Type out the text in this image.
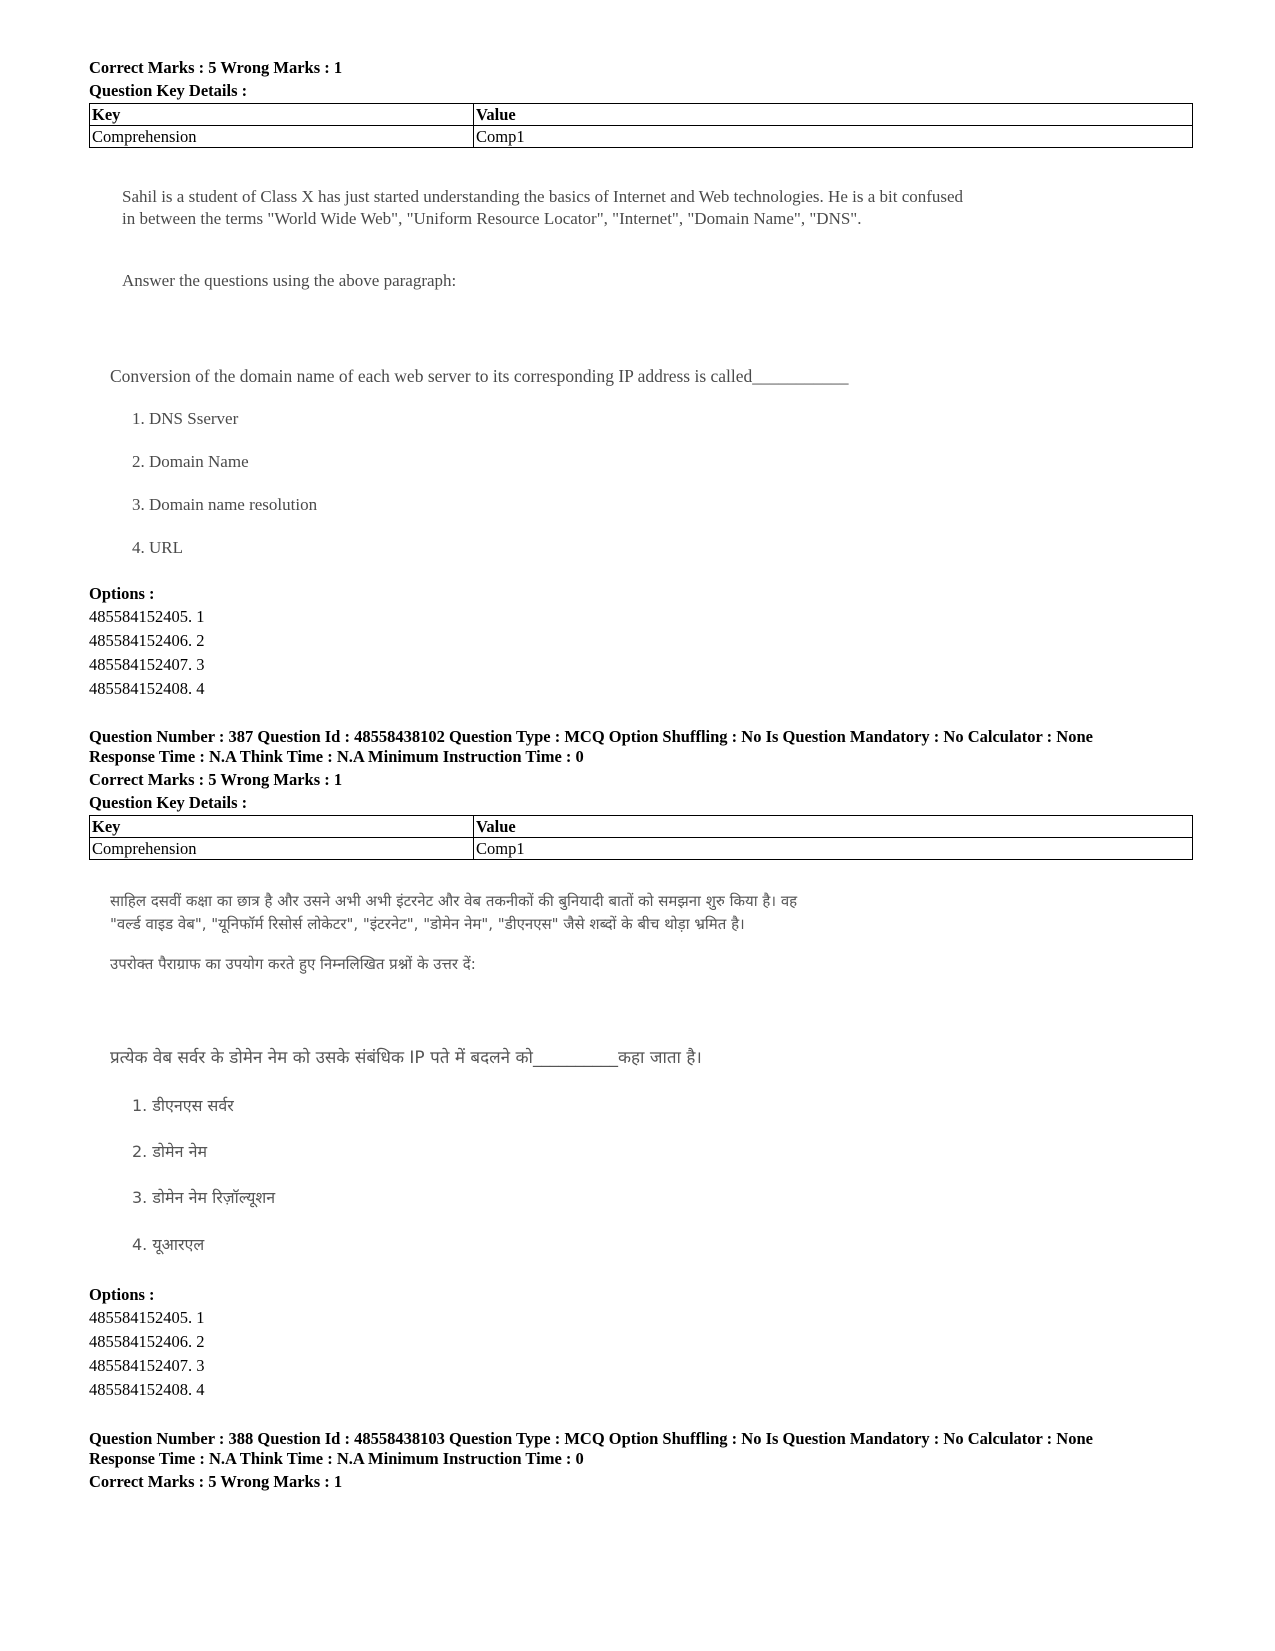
Correct Marks : 5 Wrong Marks : 1
Question Key Details :
Key	Value
Comprehension	Comp1

Sahil is a student of Class X has just started understanding the basics of Internet and Web technologies. He is a bit confused in between the terms "World Wide Web", "Uniform Resource Locator", "Internet", "Domain Name", "DNS".

Answer the questions using the above paragraph:

Conversion of the domain name of each web server to its corresponding IP address is called___________

1. DNS Sserver

2. Domain Name

3. Domain name resolution

4. URL

Options :
485584152405. 1
485584152406. 2
485584152407. 3
485584152408. 4
Question Number : 387 Question Id : 48558438102 Question Type : MCQ Option Shuffling : No Is Question Mandatory : No Calculator : None
Response Time : N.A Think Time : N.A Minimum Instruction Time : 0
Correct Marks : 5 Wrong Marks : 1
Question Key Details :
Key	Value
Comprehension	Comp1

साहिल दसवीं कक्षा का छात्र है और उसने अभी अभी इंटरनेट और वेब तकनीकों की बुनियादी बातों को समझना शुरु किया है। वह

"वर्ल्ड वाइड वेब", "यूनिफॉर्म रिसोर्स लोकेटर", "इंटरनेट", "डोमेन नेम", "डीएनएस" जैसे शब्दों के बीच थोड़ा भ्रमित है।

उपरोक्त पैराग्राफ का उपयोग करते हुए निम्नलिखित प्रश्नों के उत्तर दें:

प्रत्येक वेब सर्वर के डोमेन नेम को उसके संबंधिक IP पते में बदलने को__________कहा जाता है।

1. डीएनएस सर्वर

2. डोमेन नेम

3. डोमेन नेम रिज़ॉल्यूशन

4. यूआरएल

Options :
485584152405. 1
485584152406. 2
485584152407. 3
485584152408. 4
Question Number : 388 Question Id : 48558438103 Question Type : MCQ Option Shuffling : No Is Question Mandatory : No Calculator : None
Response Time : N.A Think Time : N.A Minimum Instruction Time : 0
Correct Marks : 5 Wrong Marks : 1
